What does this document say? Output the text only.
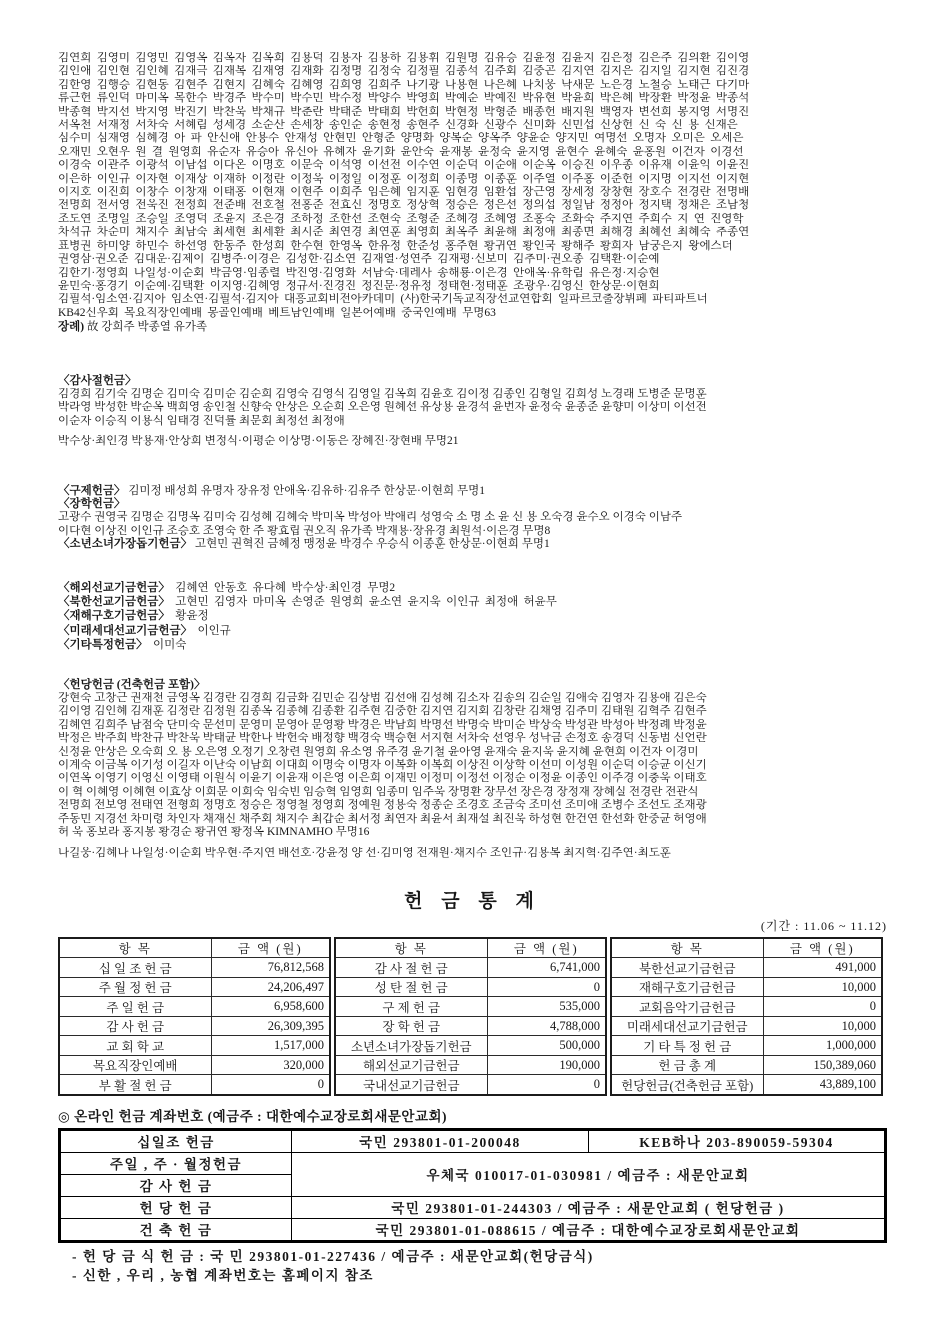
김연희 김영미 김영민 김영옥 김옥자 김옥희 김용덕 김용자 김용하 김용휘 김원명 김유승 김윤정 김윤지 김은정 김은주 김의환 김이영
김인애 김인현 김인혜 김재극 김재복 김재영 김재화 김정명 김정숙 김정필 김종석 김주회 김중곤 김지연 김지은 김지일 김지현 김진경
김한영 김행승 김현동 김현주 김현지 김혜숙 김혜영 김희영 김희주 나기광 나용현 나은혜 나치웅 낙새문 노은경 노철승 노태근 다기마
류근헌 류인덕 마미옥 목한수 박경주 박수미 박수민 박수정 박양수 박영희 박예순 박예진 박유현 박윤희 박은혜 박장환 박정윤 박종석
박종혁 박지선 박지영 박진기 박찬욱 박채규 박춘란 박태준 박태희 박헌희 박현정 박형준 배종헌 배지원 백영자 변선희 봉지영 서명진
서옥천 서재정 서차숙 서혜림 성세경 소순산 손세창 송인순 송현정 송현주 신경화 신광수 신미화 신민섭 신상헌 신 숙 신 용 신재은
심수미 심재영 심혜경 아 파 안신애 안용수 안재성 안현민 안형준 양명화 양복순 양옥주 양윤순 양지민 여명선 오명자 오미은 오세은
오재민 오현우 원 결 원영희 유순자 유승아 유신아 유혜자 윤기화 윤안숙 윤재봉 윤정숙 윤지영 윤현수 윤혜숙 윤홍원 이건자 이경선
이경숙 이관주 이광석 이남섭 이다온 이명호 이문숙 이석영 이선전 이수연 이순덕 이순애 이순옥 이승진 이우종 이유재 이윤익 이윤진
이은하 이인규 이자현 이재상 이재하 이정란 이정욱 이정일 이정훈 이정희 이종명 이종훈 이주열 이주홍 이준헌 이지명 이지선 이지현
이지호 이진희 이창수 이창재 이태홍 이현재 이현주 이희주 임은혜 임지훈 임현경 임환섭 장근영 장세정 장창현 장호수 전경란 전명배
전명희 전서영 전욱진 전정희 전준배 전호철 전홍준 전효신 정명호 정상혁 정승은 정은선 정의섭 정일남 정정아 정지택 정채은 조남청
조도연 조명일 조승일 조영덕 조윤지 조은경 조하정 조한선 조현숙 조형준 조혜경 조혜영 조홍숙 조화숙 주지연 주희수 지 연 진영학
차석규 차순미 채지수 최남숙 최세현 최세환 최시준 최연경 최연훈 최영희 최옥주 최윤해 최정애 최종면 최해경 최혜선 최혜숙 추종연
표병권 하미양 하민수 하선영 한동주 한성희 한수현 한영옥 한유정 한준성 홍주현 황귀연 황인국 황해주 황희자 남궁은지 왕에스더
권영삼·권오준 김대운·김제이 김병주·이경은 김성한·김소연 김재열·성연주 김재평·신보미 김추미·권오종 김택환·이순예
김한기·정영희 나일성·이순회 박금영·임종렬 박진영·김영화 서남숙·데레사 송해룡·이은경 안애옥·유학림 유은정·지승현
윤민숙·홍경기 이순예·김택환 이지영·김혜영 정규서·진경진 정진문·정유정 정태현·정태훈 조광우·김영신 한상문·이현희
김필석·임소연·김지아 임소연·김필석·김지아 대흥교회비전아카데미 (사)한국기독교직장선교연합회 일파르코출장뷔페 파티파트너
KB42신우회 목요직장인예배 몽골인예배 베트남인예배 일본어예배 중국인예배 무명63
장례) 故 강희주 박종열 유가족
〈감사절헌금〉
김경희 김기숙 김명순 김미숙 김미순 김순희 김영숙 김영식 김영일 김옥희 김윤호 김이정 김종인 김형일 김희성 노경래 도병준 문명훈
박라영 박성한 박순옥 백희영 송인철 신향숙 안상은 오순희 오은영 원혜선 유상용 윤경석 윤번자 윤정숙 윤종준 윤향미 이상미 이선전
이순자 이승직 이용식 임태경 진덕률 최문회 최정선 최정애
박수상·최인경 박용재·안상희 변정식·이평순 이상명·이동은 장혜진·장현배 무명21
〈구제헌금〉 김미정 배성희 유명자 장유정 안애옥·김유하·김유주 한상문·이현희 무명1
〈장학헌금〉
고광수 권영국 김명순 김명옥 김미숙 김성혜 김혜숙 박미옥 박성아 박애리 성영숙 소 명 소 윤 신 용 오숙경 윤수오 이경숙 이남주
이다현 이상진 이인규 조승호 조영숙 한 주 황효립 권오직 유가족 박재용·장유경 최원석·이은경 무명8
〈소년소녀가장돕기헌금〉 고현민 권혁진 금혜정 맹정윤 박경수 우승식 이종훈 한상문·이현희 무명1
〈해외선교기금헌금〉 김혜연 안동호 유다혜 박수상·최인경 무명2
〈북한선교기금헌금〉 고현민 김영자 마미옥 손영준 원영희 윤소연 윤지욱 이인규 최정애 허윤무
〈재해구호기금헌금〉 황윤정
〈미래세대선교기금헌금〉 이인규
〈기타특정헌금〉 이미숙
〈헌당헌금 (건축헌금 포함)〉
강현숙 고창근 권재천 금영옥 김경란 김경희 김금화 김민순 김상범 김선애 김성혜 김소자 김송의 김순일 김애숙 김영자 김용애 김은숙
김이영 김인혜 김재훈 김정란 김정원 김종옥 김종혜 김종환 김주현 김중한 김지연 김지회 김창란 김채영 김추미 김태원 김혁주 김현주
김혜연 김희주 남점숙 단미숙 문선미 문영미 문영아 문영황 박경은 박남희 박명선 박명숙 박미순 박상숙 박성관 박성아 박정례 박정윤
박정은 박주희 박찬규 박찬욱 박태균 박한나 박헌숙 배정향 백경숙 백승현 서지현 서차숙 선영우 성낙금 손정호 송경덕 신동범 신언란
신정윤 안상은 오숙희 오 용 오은영 오정기 오창련 원영희 유소영 유주경 윤기철 윤아영 윤재숙 윤지욱 윤지혜 윤현희 이건자 이경미
이계숙 이금복 이기성 이길자 이난숙 이남희 이대희 이명숙 이명자 이복화 이복희 이상진 이상학 이선미 이성원 이순덕 이승균 이신기
이연옥 이영기 이영신 이영태 이원식 이윤기 이윤재 이은영 이은희 이재민 이정미 이정선 이정순 이정윤 이종인 이주경 이충욱 이태호
이 혁 이혜영 이혜현 이효상 이희문 이희숙 임숙빈 임승혁 임영희 임종미 임주욱 장명환 장무선 장은경 장정재 장혜실 전경란 전관식
전명희 전보영 전태연 전형희 정명호 정승은 정영철 정영희 정예원 정용숙 정종순 조경호 조금숙 조미선 조미애 조병수 조선도 조재광
주동민 지경선 차미령 차인자 채재신 채주회 채지수 최갑순 최서정 최연자 최윤서 최재설 최진욱 하성현 한건연 한선화 한중균 허영애
허 욱 홍보라 홍지봉 황경순 황귀연 황정옥 KIMNAMHO 무명16
나길웅·김혜나 나일성·이순회 박우현·주지연 배선호·강윤정 양 선·김미영 전재원·채지수 조인규·김용복 최지혁·김주연·최도훈
헌 금 통 계
(기간 : 11.06 ~ 11.12)
항 목	금 액 (원)
십 일 조 헌 금	76,812,568
주 월 정 헌 금	24,206,497
주 일 헌 금	6,958,600
감 사 헌 금	26,309,395
교 회 학 교	1,517,000
목요직장인예배	320,000
부 활 절 헌 금	0
항 목	금 액 (원)
감 사 절 헌 금	6,741,000
성 탄 절 헌 금	0
구 제 헌 금	535,000
장 학 헌 금	4,788,000
소년소녀가장돕기헌금	500,000
해외선교기금헌금	190,000
국내선교기금헌금	0
항 목	금 액 (원)
북한선교기금헌금	491,000
재해구호기금헌금	10,000
교회음악기금헌금	0
미래세대선교기금헌금	10,000
기 타 특 정 헌 금	1,000,000
헌 금 총 계	150,389,060
헌당헌금(건축헌금 포함)	43,889,100
◎ 온라인 헌금 계좌번호 (예금주 : 대한예수교장로회새문안교회)
십일조 헌금	국민 293801-01-200048	KEB하나 203-890059-59304
주일 , 주 · 월정헌금	우체국 010017-01-030981 / 예금주 : 새문안교회	
감 사 헌 금		
헌 당 헌 금	국민 293801-01-244303 / 예금주 : 새문안교회 ( 헌당헌금 )	
건 축 헌 금	국민 293801-01-088615 / 예금주 : 대한예수교장로회새문안교회	
- 헌 당 금 식 헌 금 : 국 민 293801-01-227436 / 예금주 : 새문안교회(헌당금식)
- 신한 , 우리 , 농협 계좌번호는 홈페이지 참조
